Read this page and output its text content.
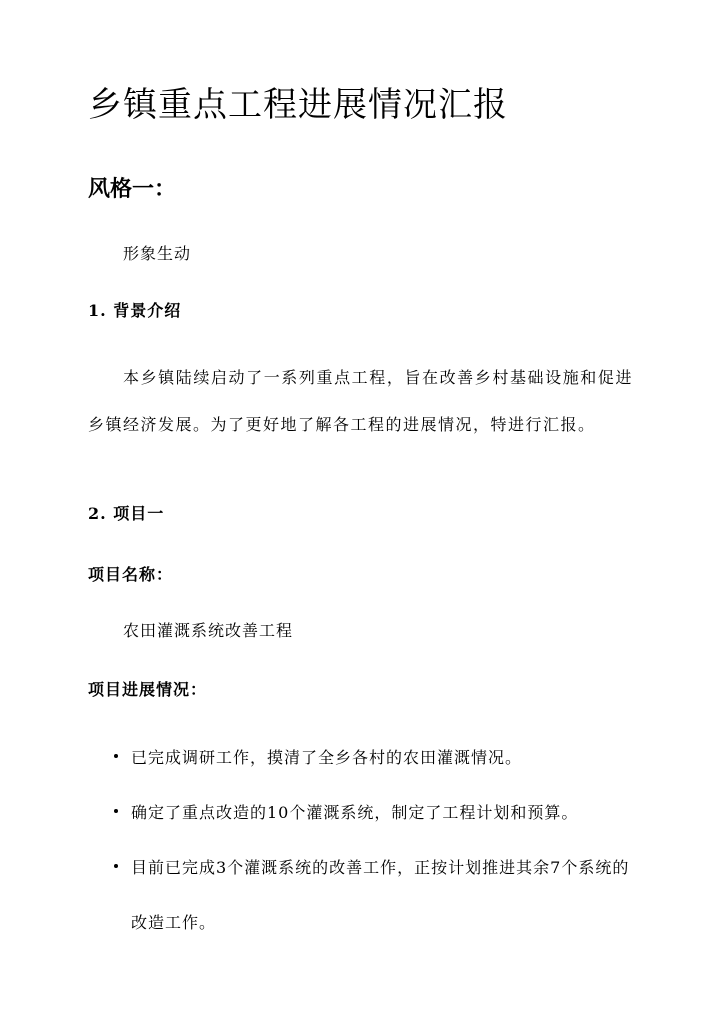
乡镇重点工程进展情况汇报
风格一：
形象生动
1. 背景介绍

本乡镇陆续启动了一系列重点工程，旨在改善乡村基础设施和促进乡镇经济发展。为了更好地了解各工程的进展情况，特进行汇报。

2. 项目一
项目名称：
农田灌溉系统改善工程
项目进展情况：
已完成调研工作，摸清了全乡各村的农田灌溉情况。
确定了重点改造的10个灌溉系统，制定了工程计划和预算。
目前已完成3个灌溉系统的改善工作，正按计划推进其余7个系统的改造工作。
